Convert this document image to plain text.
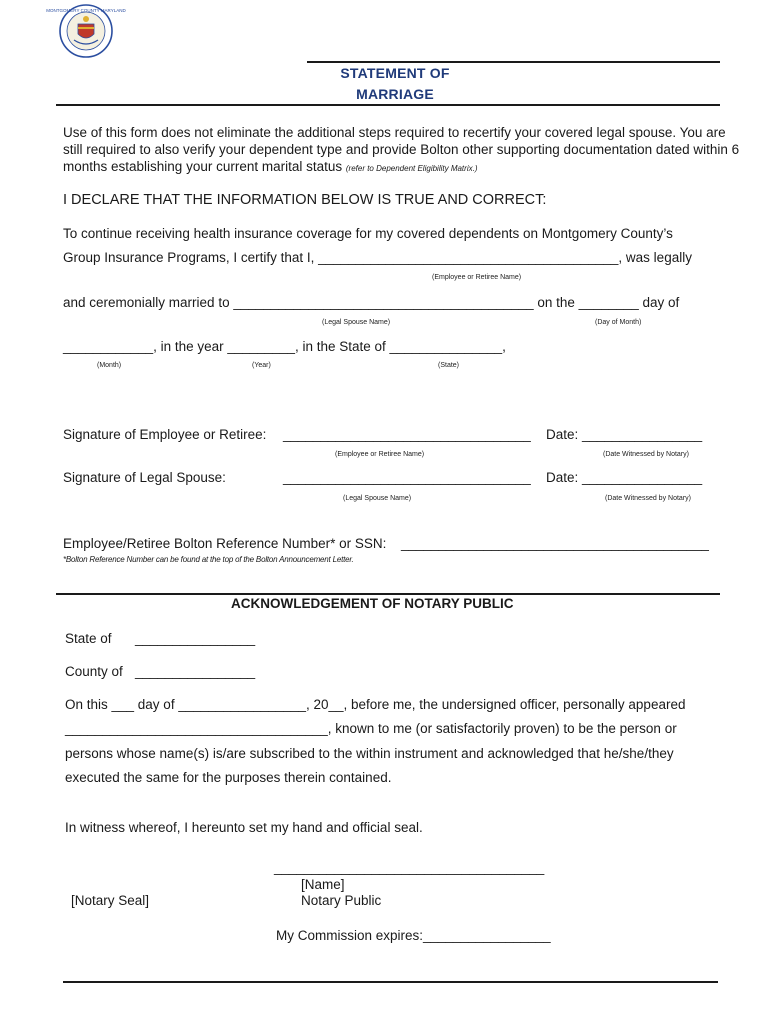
MONTGOMERY COUNTY MARYLAND
STATEMENT OF
MARRIAGE
Use of this form does not eliminate the additional steps required to recertify your covered legal spouse. You are still required to also verify your dependent type and provide Bolton other supporting documentation dated within 6 months establishing your current marital status (refer to Dependent Eligibility Matrix.)
I DECLARE THAT THE INFORMATION BELOW IS TRUE AND CORRECT:
To continue receiving health insurance coverage for my covered dependents on Montgomery County’s
Group Insurance Programs, I certify that I, ________________________________________, was legally
(Employee or Retiree Name)
and ceremonially married to ________________________________________ on the ________ day of
(Legal Spouse Name)	(Day of Month)
____________, in the year _________, in the State of _______________,
(Month)	(Year)	(State)
Signature of Employee or Retiree: _________________________________ Date: ________________
(Employee or Retiree Name)	(Date Witnessed by Notary)
Signature of Legal Spouse:	_________________________________ Date: ________________
(Legal Spouse Name)	(Date Witnessed by Notary)
Employee/Retiree Bolton Reference Number* or SSN: _________________________________________
*Bolton Reference Number can be found at the top of the Bolton Announcement Letter.
ACKNOWLEDGEMENT OF NOTARY PUBLIC
State of ________________
County of ________________
On this ___ day of _________________, 20__, before me, the undersigned officer, personally appeared
___________________________________, known to me (or satisfactorily proven) to be the person or
persons whose name(s) is/are subscribed to the within instrument and acknowledged that he/she/they
executed the same for the purposes therein contained.
In witness whereof, I hereunto set my hand and official seal.
____________________________________
[Name]
Notary Public
[Notary Seal]
My Commission expires:_________________
